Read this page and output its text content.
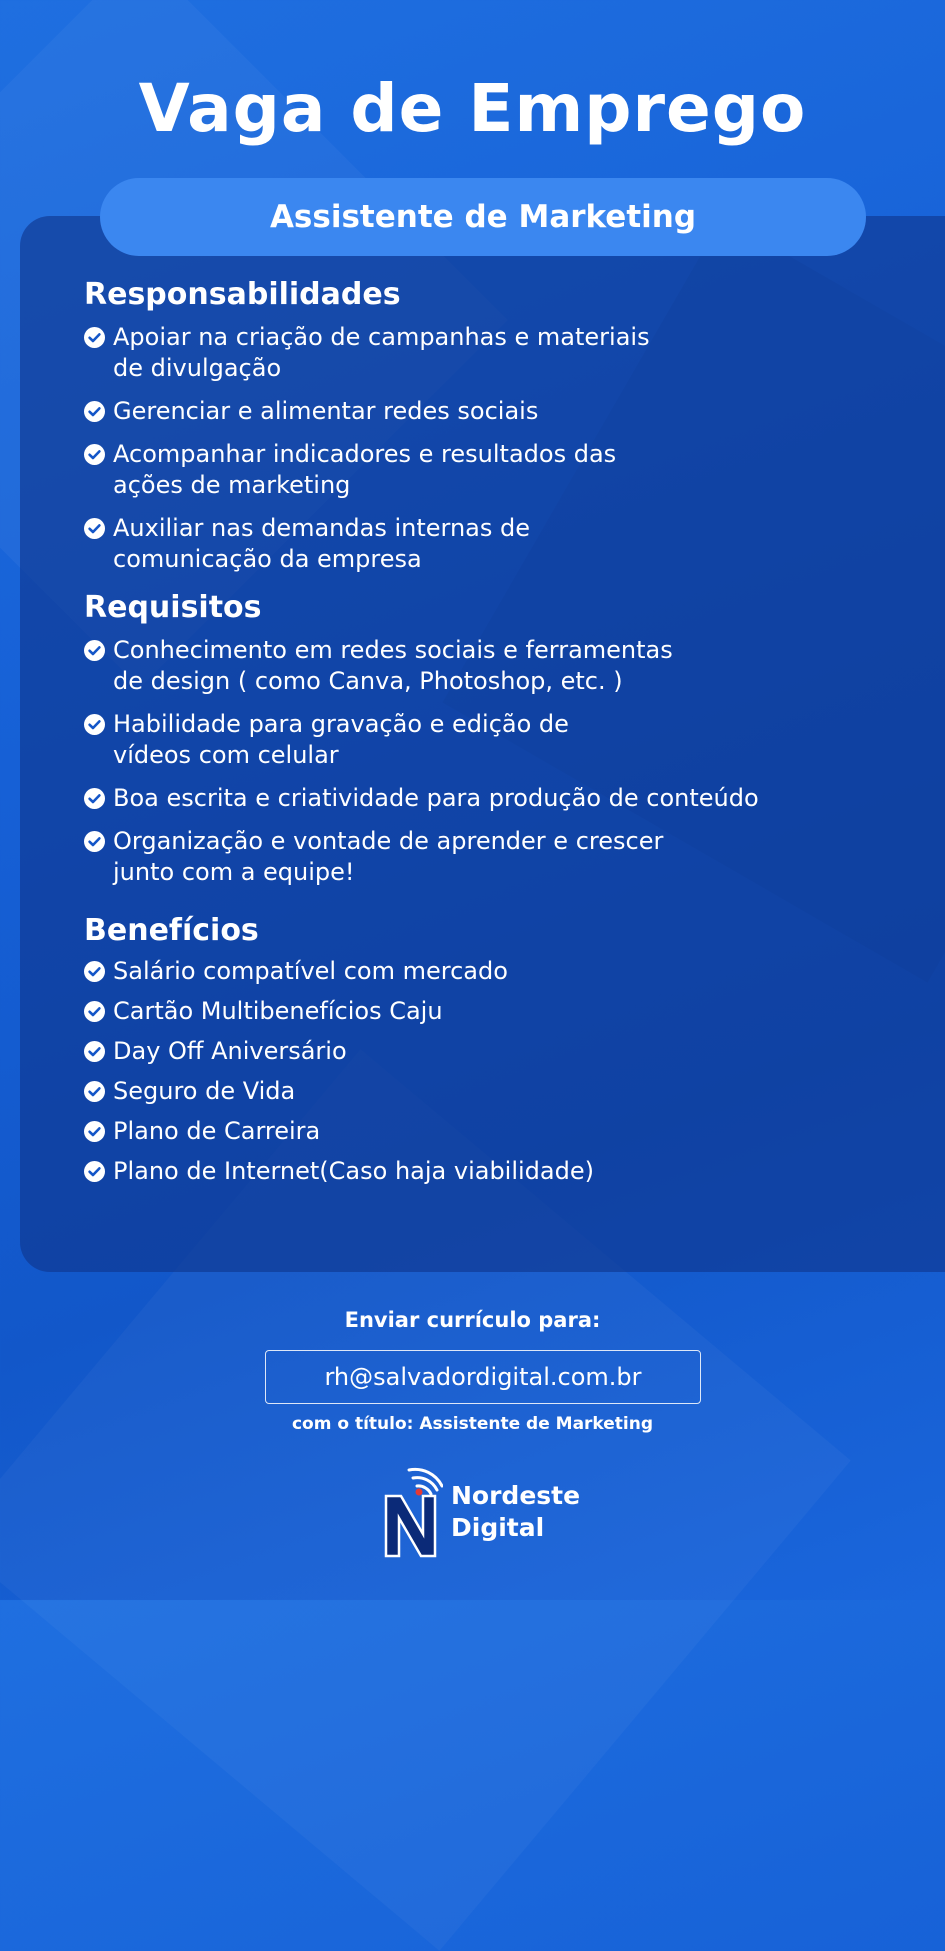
Vaga de Emprego
Assistente de Marketing
Responsabilidades
Apoiar na criação de campanhas e materiais
de divulgação
Gerenciar e alimentar redes sociais
Acompanhar indicadores e resultados das
ações de marketing
Auxiliar nas demandas internas de
comunicação da empresa
Requisitos
Conhecimento em redes sociais e ferramentas
de design ( como Canva, Photoshop, etc. )
Habilidade para gravação e edição de
vídeos com celular
Boa escrita e criatividade para produção de conteúdo
Organização e vontade de aprender e crescer
junto com a equipe!
Benefícios
Salário compatível com mercado
Cartão Multibenefícios Caju
Day Off Aniversário
Seguro de Vida
Plano de Carreira
Plano de Internet(Caso haja viabilidade)
Enviar currículo para:
rh@salvadordigital.com.br
com o título: Assistente de Marketing
Nordeste
Digital
